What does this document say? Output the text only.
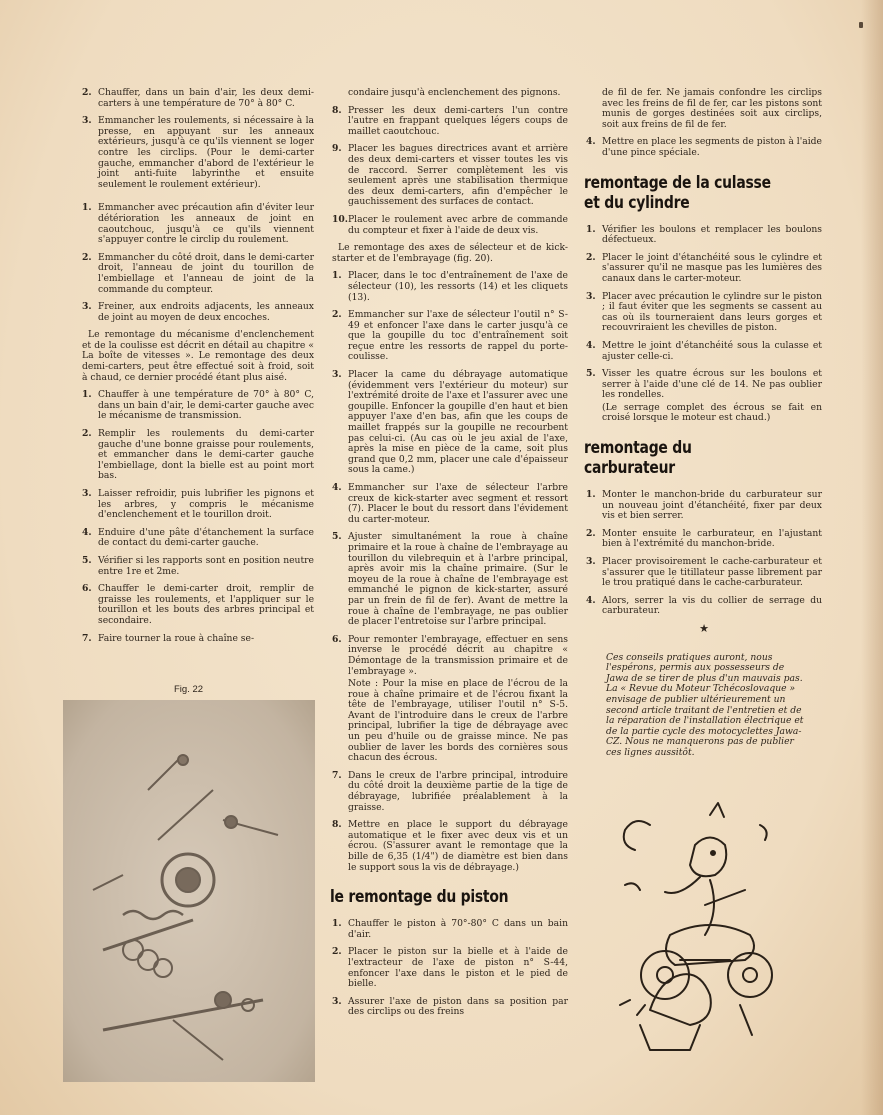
2. Chauffer, dans un bain d'air, les deux demi-carters à une température de 70° à 80° C.
3. Emmancher les roulements, si nécessaire à la presse, en appuyant sur les anneaux extérieurs, jusqu'à ce qu'ils viennent se loger contre les circlips. (Pour le demi-carter gauche, emmancher d'abord de l'extérieur le joint anti-fuite labyrinthe et ensuite seulement le roulement extérieur).
1. Emmancher avec précaution afin d'éviter leur détérioration les anneaux de joint en caoutchouc, jusqu'à ce qu'ils viennent s'appuyer contre le circlip du roulement.
2. Emmancher du côté droit, dans le demi-carter droit, l'anneau de joint du tourillon de l'embiellage et l'anneau de joint de la commande du compteur.
3. Freiner, aux endroits adjacents, les anneaux de joint au moyen de deux encoches.

Le remontage du mécanisme d'enclenchement et de la coulisse est décrit en détail au chapitre « La boîte de vitesses ». Le remontage des deux demi-carters, peut être effectué soit à froid, soit à chaud, ce dernier procédé étant plus aisé.

1. Chauffer à une température de 70° à 80° C, dans un bain d'air, le demi-carter gauche avec le mécanisme de transmission.
2. Remplir les roulements du demi-carter gauche d'une bonne graisse pour roulements, et emmancher dans le demi-carter gauche l'embiellage, dont la bielle est au point mort bas.
3. Laisser refroidir, puis lubrifier les pignons et les arbres, y compris le mécanisme d'enclenchement et le tourillon droit.
4. Enduire d'une pâte d'étanchement la surface de contact du demi-carter gauche.
5. Vérifier si les rapports sont en position neutre entre 1re et 2me.
6. Chauffer le demi-carter droit, remplir de graisse les roulements, et l'appliquer sur le tourillon et les bouts des arbres principal et secondaire.
7. Faire tourner la roue à chaîne se-
Fig. 22

condaire jusqu'à enclenchement des pignons.

8. Presser les deux demi-carters l'un contre l'autre en frappant quelques légers coups de maillet caoutchouc.
9. Placer les bagues directrices avant et arrière des deux demi-carters et visser toutes les vis de raccord. Serrer complètement les vis seulement après une stabilisation thermique des deux demi-carters, afin d'empêcher le gauchissement des surfaces de contact.
10. Placer le roulement avec arbre de commande du compteur et fixer à l'aide de deux vis.

Le remontage des axes de sélecteur et de kick-starter et de l'embrayage (fig. 20).

1. Placer, dans le toc d'entraînement de l'axe de sélecteur (10), les ressorts (14) et les cliquets (13).
2. Emmancher sur l'axe de sélecteur l'outil n° S-49 et enfoncer l'axe dans le carter jusqu'à ce que la goupille du toc d'entraînement soit reçue entre les ressorts de rappel du porte-coulisse.
3. Placer la came du débrayage automatique (évidemment vers l'extérieur du moteur) sur l'extrémité droite de l'axe et l'assurer avec une goupille. Enfoncer la goupille d'en haut et bien appuyer l'axe d'en bas, afin que les coups de maillet frappés sur la goupille ne recourbent pas celui-ci. (Au cas où le jeu axial de l'axe, après la mise en pièce de la came, soit plus grand que 0,2 mm, placer une cale d'épaisseur sous la came.)
4. Emmancher sur l'axe de sélecteur l'arbre creux de kick-starter avec segment et ressort (7). Placer le bout du ressort dans l'évidement du carter-moteur.
5. Ajuster simultanément la roue à chaîne primaire et la roue à chaîne de l'embrayage au tourillon du vilebrequin et à l'arbre principal, après avoir mis la chaîne primaire. (Sur le moyeu de la roue à chaîne de l'embrayage est emmanché le pignon de kick-starter, assuré par un frein de fil de fer). Avant de mettre la roue à chaîne de l'embrayage, ne pas oublier de placer l'entretoise sur l'arbre principal.
6. Pour remonter l'embrayage, effectuer en sens inverse le procédé décrit au chapitre « Démontage de la transmission primaire et de l'embrayage ».

Note : Pour la mise en place de l'écrou de la roue à chaîne primaire et de l'écrou fixant la tête de l'embrayage, utiliser l'outil n° S-5. Avant de l'introduire dans le creux de l'arbre principal, lubrifier la tige de débrayage avec un peu d'huile ou de graisse mince. Ne pas oublier de laver les bords des cornières sous chacun des écrous.

7. Dans le creux de l'arbre principal, introduire du côté droit la deuxième partie de la tige de débrayage, lubrifiée préalablement à la graisse.
8. Mettre en place le support du débrayage automatique et le fixer avec deux vis et un écrou. (S'assurer avant le remontage que la bille de 6,35 (1/4") de diamètre est bien dans le support sous la vis de débrayage.)
le remontage du piston
1. Chauffer le piston à 70°-80° C dans un bain d'air.
2. Placer le piston sur la bielle et à l'aide de l'extracteur de l'axe de piston n° S-44, enfoncer l'axe dans le piston et le pied de bielle.
3. Assurer l'axe de piston dans sa position par des circlips ou des freins

de fil de fer. Ne jamais confondre les circlips avec les freins de fil de fer, car les pistons sont munis de gorges destinées soit aux circlips, soit aux freins de fil de fer.

4. Mettre en place les segments de piston à l'aide d'une pince spéciale.
remontage de la culasse et du cylindre
1. Vérifier les boulons et remplacer les boulons défectueux.
2. Placer le joint d'étanchéité sous le cylindre et s'assurer qu'il ne masque pas les lumières des canaux dans le carter-moteur.
3. Placer avec précaution le cylindre sur le piston ; il faut éviter que les segments se cassent au cas où ils tourneraient dans leurs gorges et recouvriraient les chevilles de piston.
4. Mettre le joint d'étanchéité sous la culasse et ajuster celle-ci.
5. Visser les quatre écrous sur les boulons et serrer à l'aide d'une clé de 14. Ne pas oublier les rondelles.

(Le serrage complet des écrous se fait en croisé lorsque le moteur est chaud.)

remontage du carburateur
1. Monter le manchon-bride du carburateur sur un nouveau joint d'étanchéité, fixer par deux vis et bien serrer.
2. Monter ensuite le carburateur, en l'ajustant bien à l'extrémité du manchon-bride.
3. Placer provisoirement le cache-carburateur et s'assurer que le titillateur passe librement par le trou pratiqué dans le cache-carburateur.
4. Alors, serrer la vis du collier de serrage du carburateur.
★

Ces conseils pratiques auront, nous l'espérons, permis aux possesseurs de Jawa de se tirer de plus d'un mauvais pas. La « Revue du Moteur Tchécoslovaque » envisage de publier ultérieurement un second article traitant de l'entretien et de la réparation de l'installation électrique et de la partie cycle des motocyclettes Jawa-CZ. Nous ne manquerons pas de publier ces lignes aussitôt.
